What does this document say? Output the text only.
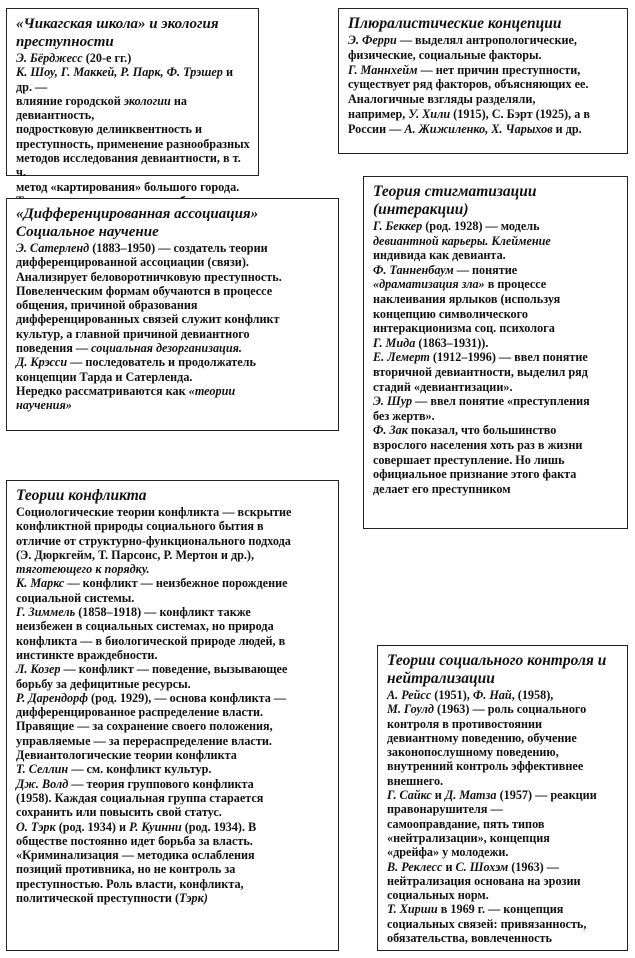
«Чикагская школа» и экология
преступности
Э. Бёрджесс (20-е гг.)
К. Шоу, Г. Маккей, Р. Парк, Ф. Трэшер и др. —
влияние городской экологии на девиантность,
подростковую делинквентность и
преступность, применение разнообразных
методов исследования девиантности, в т. ч.
метод «картирования» большого города.
Плюралистические концепции
Э. Ферри — выделял антропологические,
физические, социальные факторы.
Г. Маннхейм — нет причин преступности,
существует ряд факторов, объясняющих ее.
Аналогичные взгляды разделяли,
например, У. Хили (1915), С. Бэрт (1925), а в
России — А. Жижиленко, Х. Чарыхов и др.
«Дифференцированная ассоциация»
Социальное научение
Э. Сатерленд (1883–1950) — создатель теории
дифференцированной ассоциации (связи).
Анализирует беловоротничковую преступность.
Повеленческим формам обучаются в процессе
общения, причиной образования
дифференцированных связей служит конфликт
культур, а главной причиной девиантного
поведения — социальная дезорганизация.
Д. Крэсси — последователь и продолжатель
концепции Тарда и Сатерленда.
Нередко рассматриваются как «теории
научения»
Теория стигматизации
(интеракции)
Г. Беккер (род. 1928) — модель
девиантной карьеры. Клеймение
индивида как девианта.
Ф. Танненбаум — понятие
«драматизация зла» в процессе
наклеивания ярлыков (используя
концепцию символического
интеракционизма соц. психолога
Г. Мида (1863–1931)).
Е. Лемерт (1912–1996) — ввел понятие
вторичной девиантности, выделил ряд
стадий «девиантизации».
Э. Шур — ввел понятие «преступления
без жертв».
Ф. Зак показал, что большинство
взрослого населения хоть раз в жизни
совершает преступление. Но лишь
официальное признание этого факта
делает его преступником
Теории конфликта
Социологические теории конфликта — вскрытие
конфликтной природы социального бытия в
отличие от структурно-функционального подхода
(Э. Дюркгейм, Т. Парсонс, Р. Мертон и др.),
тяготеющего к порядку.
К. Маркс — конфликт — неизбежное порождение
социальной системы.
Г. Зиммель (1858–1918) — конфликт также
неизбежен в социальных системах, но природа
конфликта — в биологической природе людей, в
инстинкте враждебности.
Л. Козер — конфликт — поведение, вызывающее
борьбу за дефицитные ресурсы.
Р. Дарендорф (род. 1929), — основа конфликта —
дифференцированное распределение власти.
Правящие — за сохранение своего положения,
управляемые — за перераспределение власти.
Девиантологические теории конфликта
Т. Селлин — см. конфликт культур.
Дж. Волд — теория группового конфликта
(1958). Каждая социальная группа старается
сохранить или повысить свой статус.
О. Тэрк (род. 1934) и Р. Куинни (род. 1934). В
обществе постоянно идет борьба за власть.
«Криминализация — методика ослабления
позиций противника, но не контроль за
преступностью. Роль власти, конфликта,
политической преступности (Тэрк)
Теории социального контроля и
нейтрализации
А. Рейсс (1951), Ф. Най, (1958),
М. Гоулд (1963) — роль социального
контроля в противостоянии
девиантному поведению, обучение
законопослушному поведению,
внутренний контроль эффективнее
внешнего.
Г. Сайкс и Д. Матза (1957) — реакции
правонарушителя —
самооправдание, пять типов
«нейтрализации», концепция
«дрейфа» у молодежи.
В. Реклесс и С. Шохэм (1963) —
нейтрализация основана на эрозии
социальных норм.
Т. Хирши в 1969 г. — концепция
социальных связей: привязанность,
обязательства, вовлеченность
